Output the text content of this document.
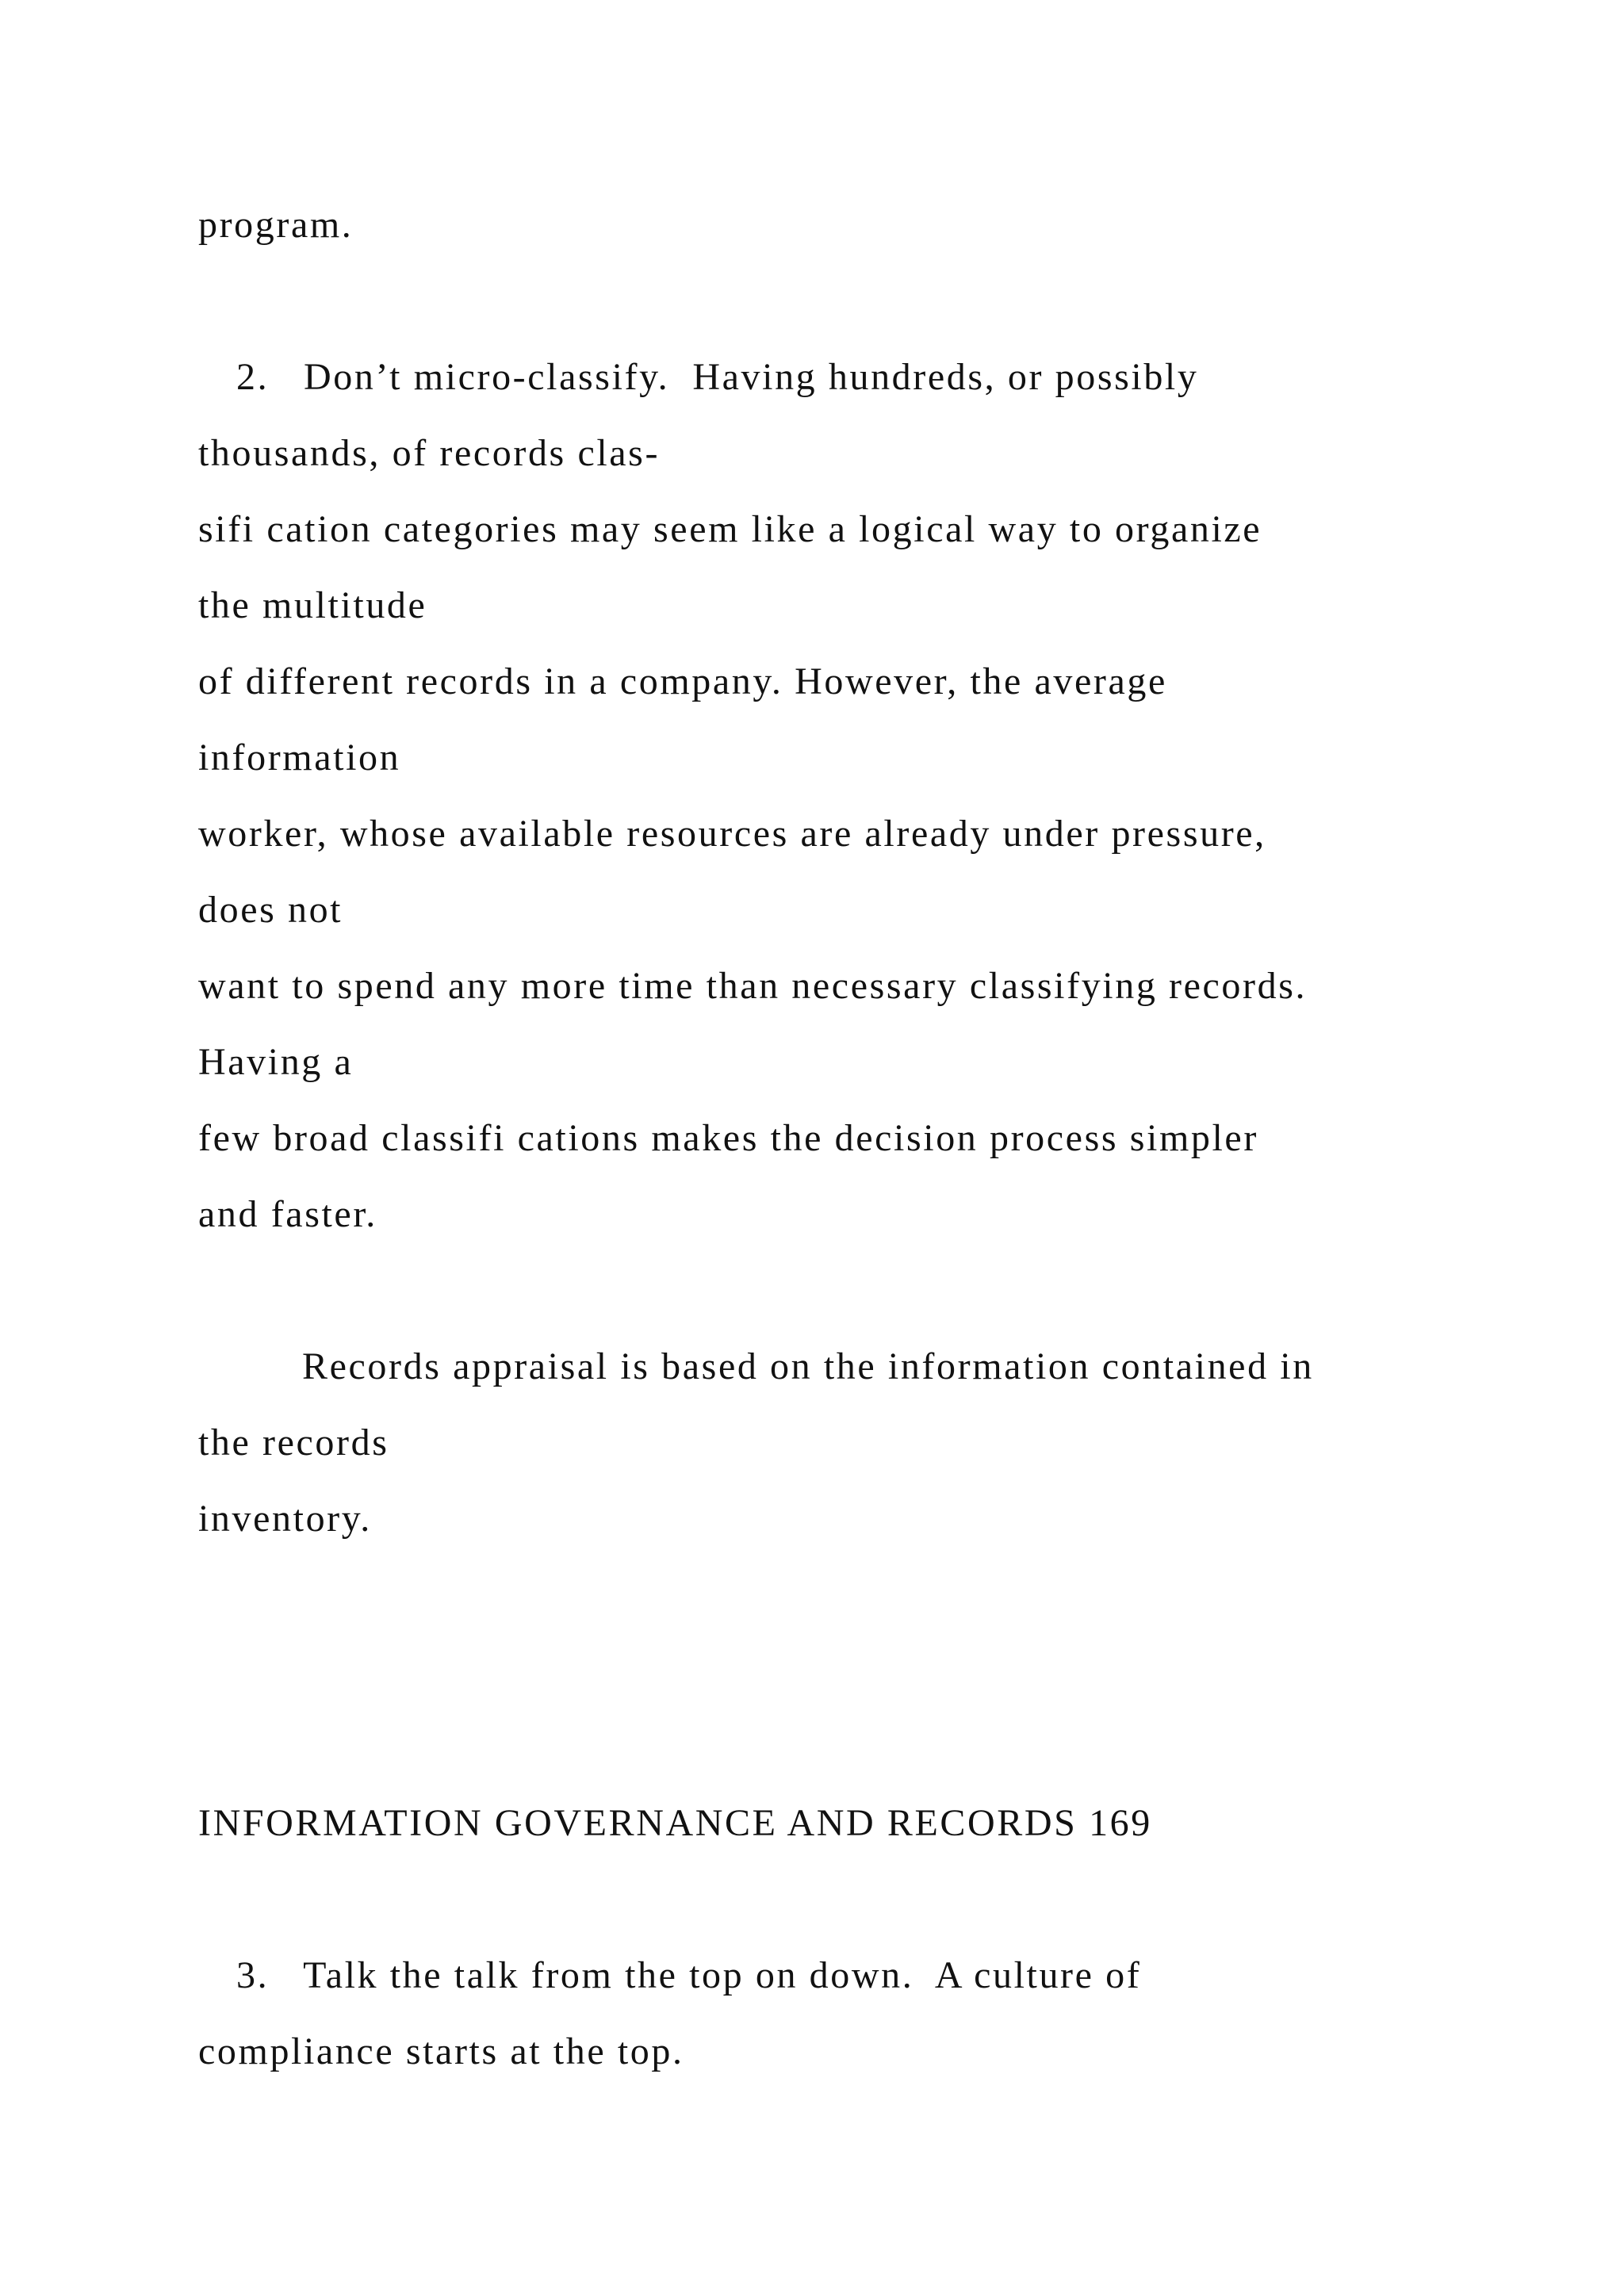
program.

2.   Don’t micro-classify.  Having hundreds, or possibly

thousands, of records clas-

sifi cation categories may seem like a logical way to organize

the multitude

of different records in a company. However, the average

information

worker, whose available resources are already under pressure,

does not

want to spend any more time than necessary classifying records.

Having a

few broad classifi cations makes the decision process simpler

and faster.

Records appraisal is based on the information contained in

the records

inventory.

INFORMATION GOVERNANCE AND RECORDS 169

3.   Talk the talk from the top on down.  A culture of

compliance starts at the top.
